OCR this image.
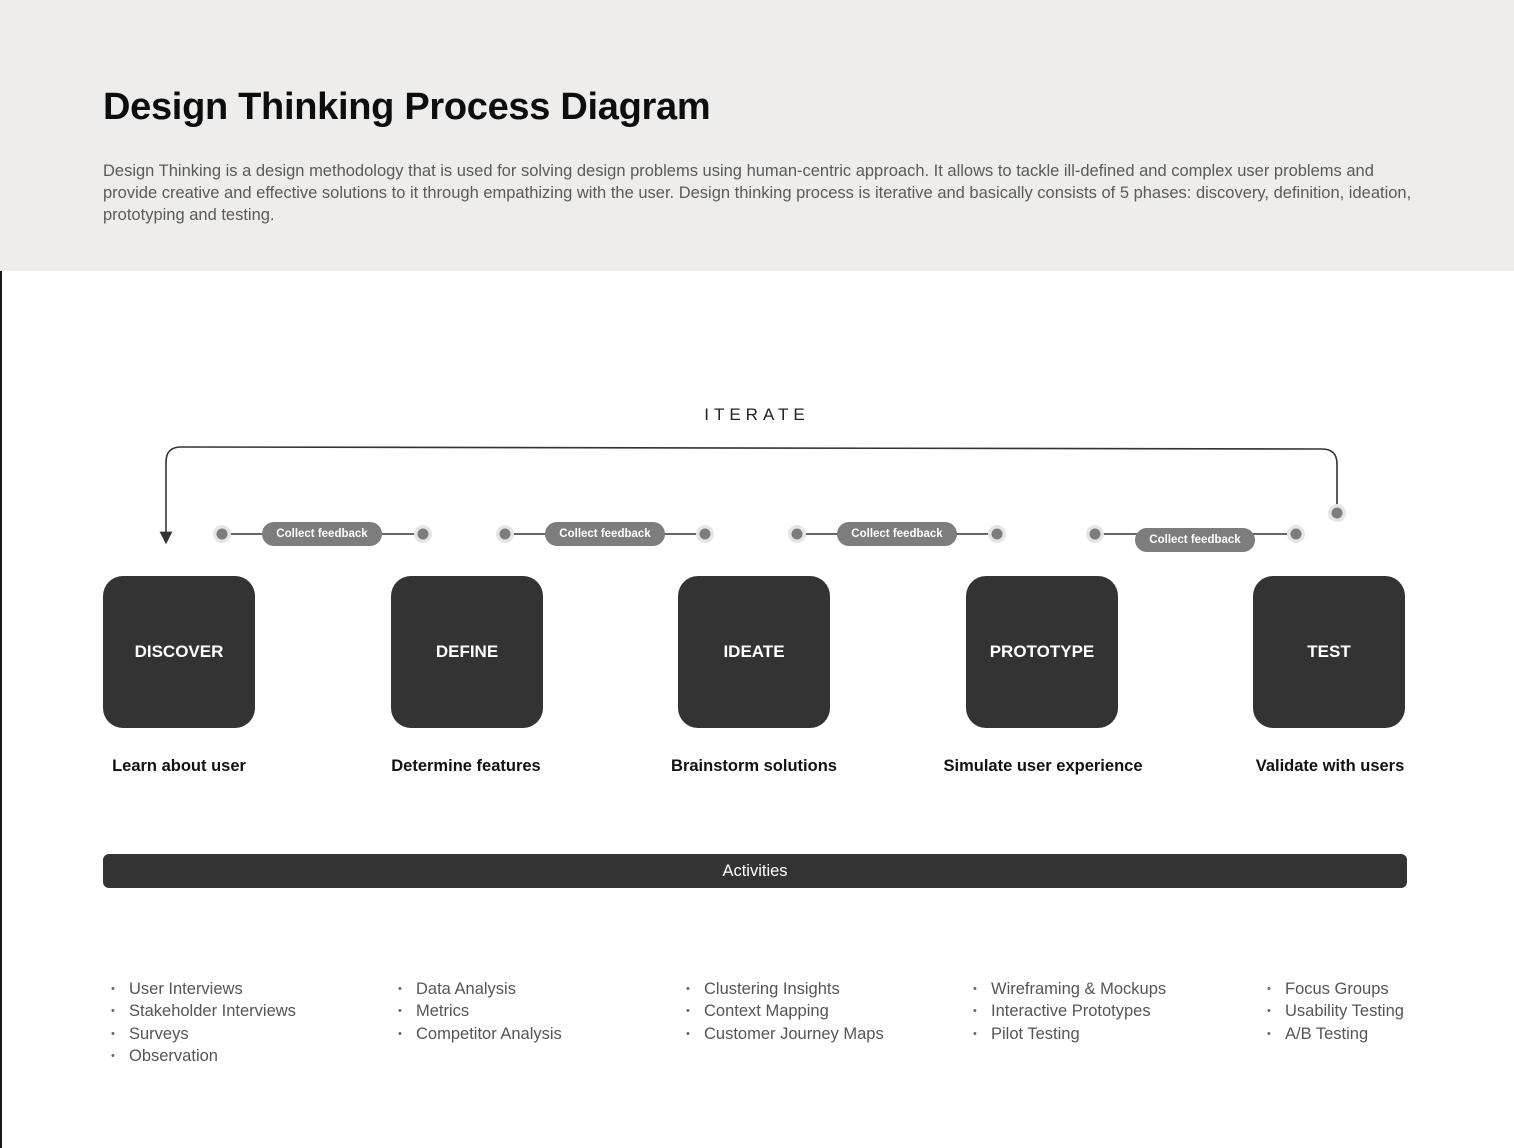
Design Thinking Process Diagram

Design Thinking is a design methodology that is used for solving design problems using human-centric approach. It allows to tackle ill-defined and complex user problems and provide creative and effective solutions to it through empathizing with the user. Design thinking process is iterative and basically consists of 5 phases: discovery, definition, ideation, prototyping and testing.

ITERATE
Collect feedback	Collect feedback	Collect feedback	Collect feedback
DISCOVER	DEFINE	IDEATE	PROTOTYPE	TEST
Learn about user	Determine features	Brainstorm solutions	Simulate user experience	Validate with users
Activities
• User Interviews
• Stakeholder Interviews
• Surveys
• Observation
• Data Analysis
• Metrics
• Competitor Analysis
• Clustering Insights
• Context Mapping
• Customer Journey Maps
• Wireframing & Mockups
• Interactive Prototypes
• Pilot Testing
• Focus Groups
• Usability Testing
• A/B Testing
